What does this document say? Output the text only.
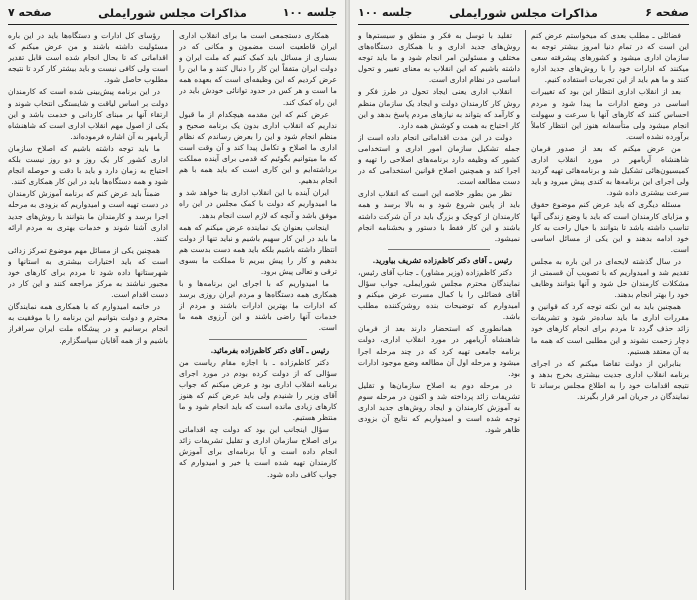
جلسه ۱۰۰
مذاکرات مجلس شورایملی
صفحه ۷

همکاری دستجمعی است ما برای انقلاب اداری ایران قاطعیت است مضمون و مکانی که در بسیاری از مسائل باید کمک کنیم که ملت ایران و دولت ایران متفقاً این کار را دنبال کنند و ما این را عرض کردیم که این وظیفه‌ای است که بعهده همه ما است و هر کس در حدود توانائی خودش باید در این راه کمک کند.

عرض کنم که این مقدمه هیچکدام از ما قبول نداریم که انقلاب اداری بدون یک برنامه صحیح و منظم انجام شود و این را بعرض رساندم که نظام اداری ما اصلاح و تکامل پیدا کند و آن وقت است که ما میتوانیم بگوئیم که قدمی برای آینده مملکت برداشته‌ایم و این کاری است که باید همه با هم انجام بدهیم.

ایران آینده با این انقلاب اداری بنا خواهد شد و ما امیدواریم که دولت با کمک مجلس در این راه موفق باشد و آنچه که لازم است انجام بدهد.

اینجانب بعنوان یک نماینده عرض میکنم که همه ما باید در این کار سهیم باشیم و نباید تنها از دولت انتظار داشته باشیم بلکه باید همه دست بدست هم بدهیم و کار را پیش ببریم تا مملکت ما بسوی ترقی و تعالی پیش برود.

ما امیدواریم که با اجرای این برنامه‌ها و با همکاری همه دستگاه‌ها و مردم ایران روزی برسد که ادارات ما بهترین ادارات باشند و مردم از خدمات آنها راضی باشند و این آرزوی همه ما است.

رئیس ـ آقای دکتر کاظم‌زاده بفرمائید.

دکتر کاظم‌زاده ـ با اجازه مقام ریاست من سؤالی که از دولت کرده بودم در مورد اجرای برنامه انقلاب اداری بود و عرض میکنم که جواب آقای وزیر را شنیدم ولی باید عرض کنم که هنوز کارهای زیادی مانده است که باید انجام شود و ما منتظر هستیم.

سؤال اینجانب این بود که دولت چه اقداماتی برای اصلاح سازمان اداری و تقلیل تشریفات زائد انجام داده است و آیا برنامه‌ای برای آموزش کارمندان تهیه شده است یا خیر و امیدوارم که جواب کافی داده شود.

رؤسای کل ادارات و دستگاه‌ها باید در این باره مسئولیت داشته باشند و من عرض میکنم که اقداماتی که تا بحال انجام شده است قابل تقدیر است ولی کافی نیست و باید بیشتر کار کرد تا نتیجه مطلوب حاصل شود.

در این برنامه پیش‌بینی شده است که کارمندان دولت بر اساس لیاقت و شایستگی انتخاب شوند و ارتقاء آنها بر مبنای کاردانی و خدمت باشد و این یکی از اصول مهم انقلاب اداری است که شاهنشاه آریامهر به آن اشاره فرموده‌اند.

ما باید توجه داشته باشیم که اصلاح سازمان اداری کشور کار یک روز و دو روز نیست بلکه احتیاج به زمان دارد و باید با دقت و حوصله انجام شود و همه دستگاه‌ها باید در این کار همکاری کنند.

ضمناً باید عرض کنم که برنامه آموزش کارمندان در دست تهیه است و امیدواریم که بزودی به مرحله اجرا برسد و کارمندان ما بتوانند با روش‌های جدید اداری آشنا شوند و خدمات بهتری به مردم ارائه کنند.

همچنین یکی از مسائل مهم موضوع تمرکز زدائی است که باید اختیارات بیشتری به استانها و شهرستانها داده شود تا مردم برای کارهای خود مجبور نباشند به مرکز مراجعه کنند و این کار در دست اقدام است.

در خاتمه امیدوارم که با همکاری همه نمایندگان محترم و دولت بتوانیم این برنامه را با موفقیت به انجام برسانیم و در پیشگاه ملت ایران سرافراز باشیم و از همه آقایان سپاسگزارم.

صفحه ۶
مذاکرات مجلس شورایملی
جلسه ۱۰۰

فضائلی ـ مطلب بعدی که میخواستم عرض کنم این است که در تمام دنیا امروز بیشتر توجه به سازمان اداری میشود و کشورهای پیشرفته سعی میکنند که ادارات خود را با روش‌های جدید اداره کنند و ما هم باید از این تجربیات استفاده کنیم.

بعد از انقلاب اداری انتظار این بود که تغییرات اساسی در وضع ادارات ما پیدا شود و مردم احساس کنند که کارهای آنها با سرعت و سهولت انجام میشود ولی متأسفانه هنوز این انتظار کاملاً برآورده نشده است.

من عرض میکنم که بعد از صدور فرمان شاهنشاه آریامهر در مورد انقلاب اداری کمیسیون‌هائی تشکیل شد و برنامه‌هائی تهیه گردید ولی اجرای این برنامه‌ها به کندی پیش میرود و باید سرعت بیشتری داده شود.

مسئله دیگری که باید عرض کنم موضوع حقوق و مزایای کارمندان است که باید با وضع زندگی آنها تناسب داشته باشد تا بتوانند با خیال راحت به کار خود ادامه بدهند و این یکی از مسائل اساسی است.

در سال گذشته لایحه‌ای در این باره به مجلس تقدیم شد و امیدواریم که با تصویب آن قسمتی از مشکلات کارمندان حل شود و آنها بتوانند وظایف خود را بهتر انجام بدهند.

همچنین باید به این نکته توجه کرد که قوانین و مقررات اداری ما باید ساده‌تر شود و تشریفات زائد حذف گردد تا مردم برای انجام کارهای خود دچار زحمت نشوند و این مطلبی است که همه ما به آن معتقد هستیم.

بنابراین از دولت تقاضا میکنم که در اجرای برنامه انقلاب اداری جدیت بیشتری بخرج بدهد و نتیجه اقدامات خود را به اطلاع مجلس برساند تا نمایندگان در جریان امر قرار بگیرند.

تقلید با توسل به فکر و منطق و سیستم‌ها و روش‌های جدید اداری و با همکاری دستگاه‌های مختلف و مسئولین امر انجام شود و ما باید توجه داشته باشیم که این انقلاب به معنای تغییر و تحول اساسی در نظام اداری است.

انقلاب اداری یعنی ایجاد تحول در طرز فکر و روش کار کارمندان دولت و ایجاد یک سازمان منظم و کارآمد که بتواند به نیازهای مردم پاسخ بدهد و این کار احتیاج به همت و کوشش همه دارد.

دولت در این مدت اقداماتی انجام داده است از جمله تشکیل سازمان امور اداری و استخدامی کشور که وظیفه دارد برنامه‌های اصلاحی را تهیه و اجرا کند و همچنین اصلاح قوانین استخدامی که در دست مطالعه است.

نظر من بطور خلاصه این است که انقلاب اداری باید از پایین شروع شود و به بالا برسد و همه کارمندان از کوچک و بزرگ باید در آن شرکت داشته باشند و این کار فقط با دستور و بخشنامه انجام نمیشود.

رئیس ـ آقای دکتر کاظم‌زاده تشریف بیاورید.

دکتر کاظم‌زاده (وزیر مشاور) ـ جناب آقای رئیس، نمایندگان محترم مجلس شورایملی، جواب سؤال آقای فضائلی را با کمال مسرت عرض میکنم و امیدوارم که توضیحات بنده روشن‌کننده مطلب باشد.

همانطوری که استحضار دارند بعد از فرمان شاهنشاه آریامهر در مورد انقلاب اداری، دولت برنامه جامعی تهیه کرد که در چند مرحله اجرا میشود و مرحله اول آن مطالعه وضع موجود ادارات بود.

در مرحله دوم به اصلاح سازمان‌ها و تقلیل تشریفات زائد پرداخته شد و اکنون در مرحله سوم به آموزش کارمندان و ایجاد روش‌های جدید اداری توجه شده است و امیدواریم که نتایج آن بزودی ظاهر شود.
